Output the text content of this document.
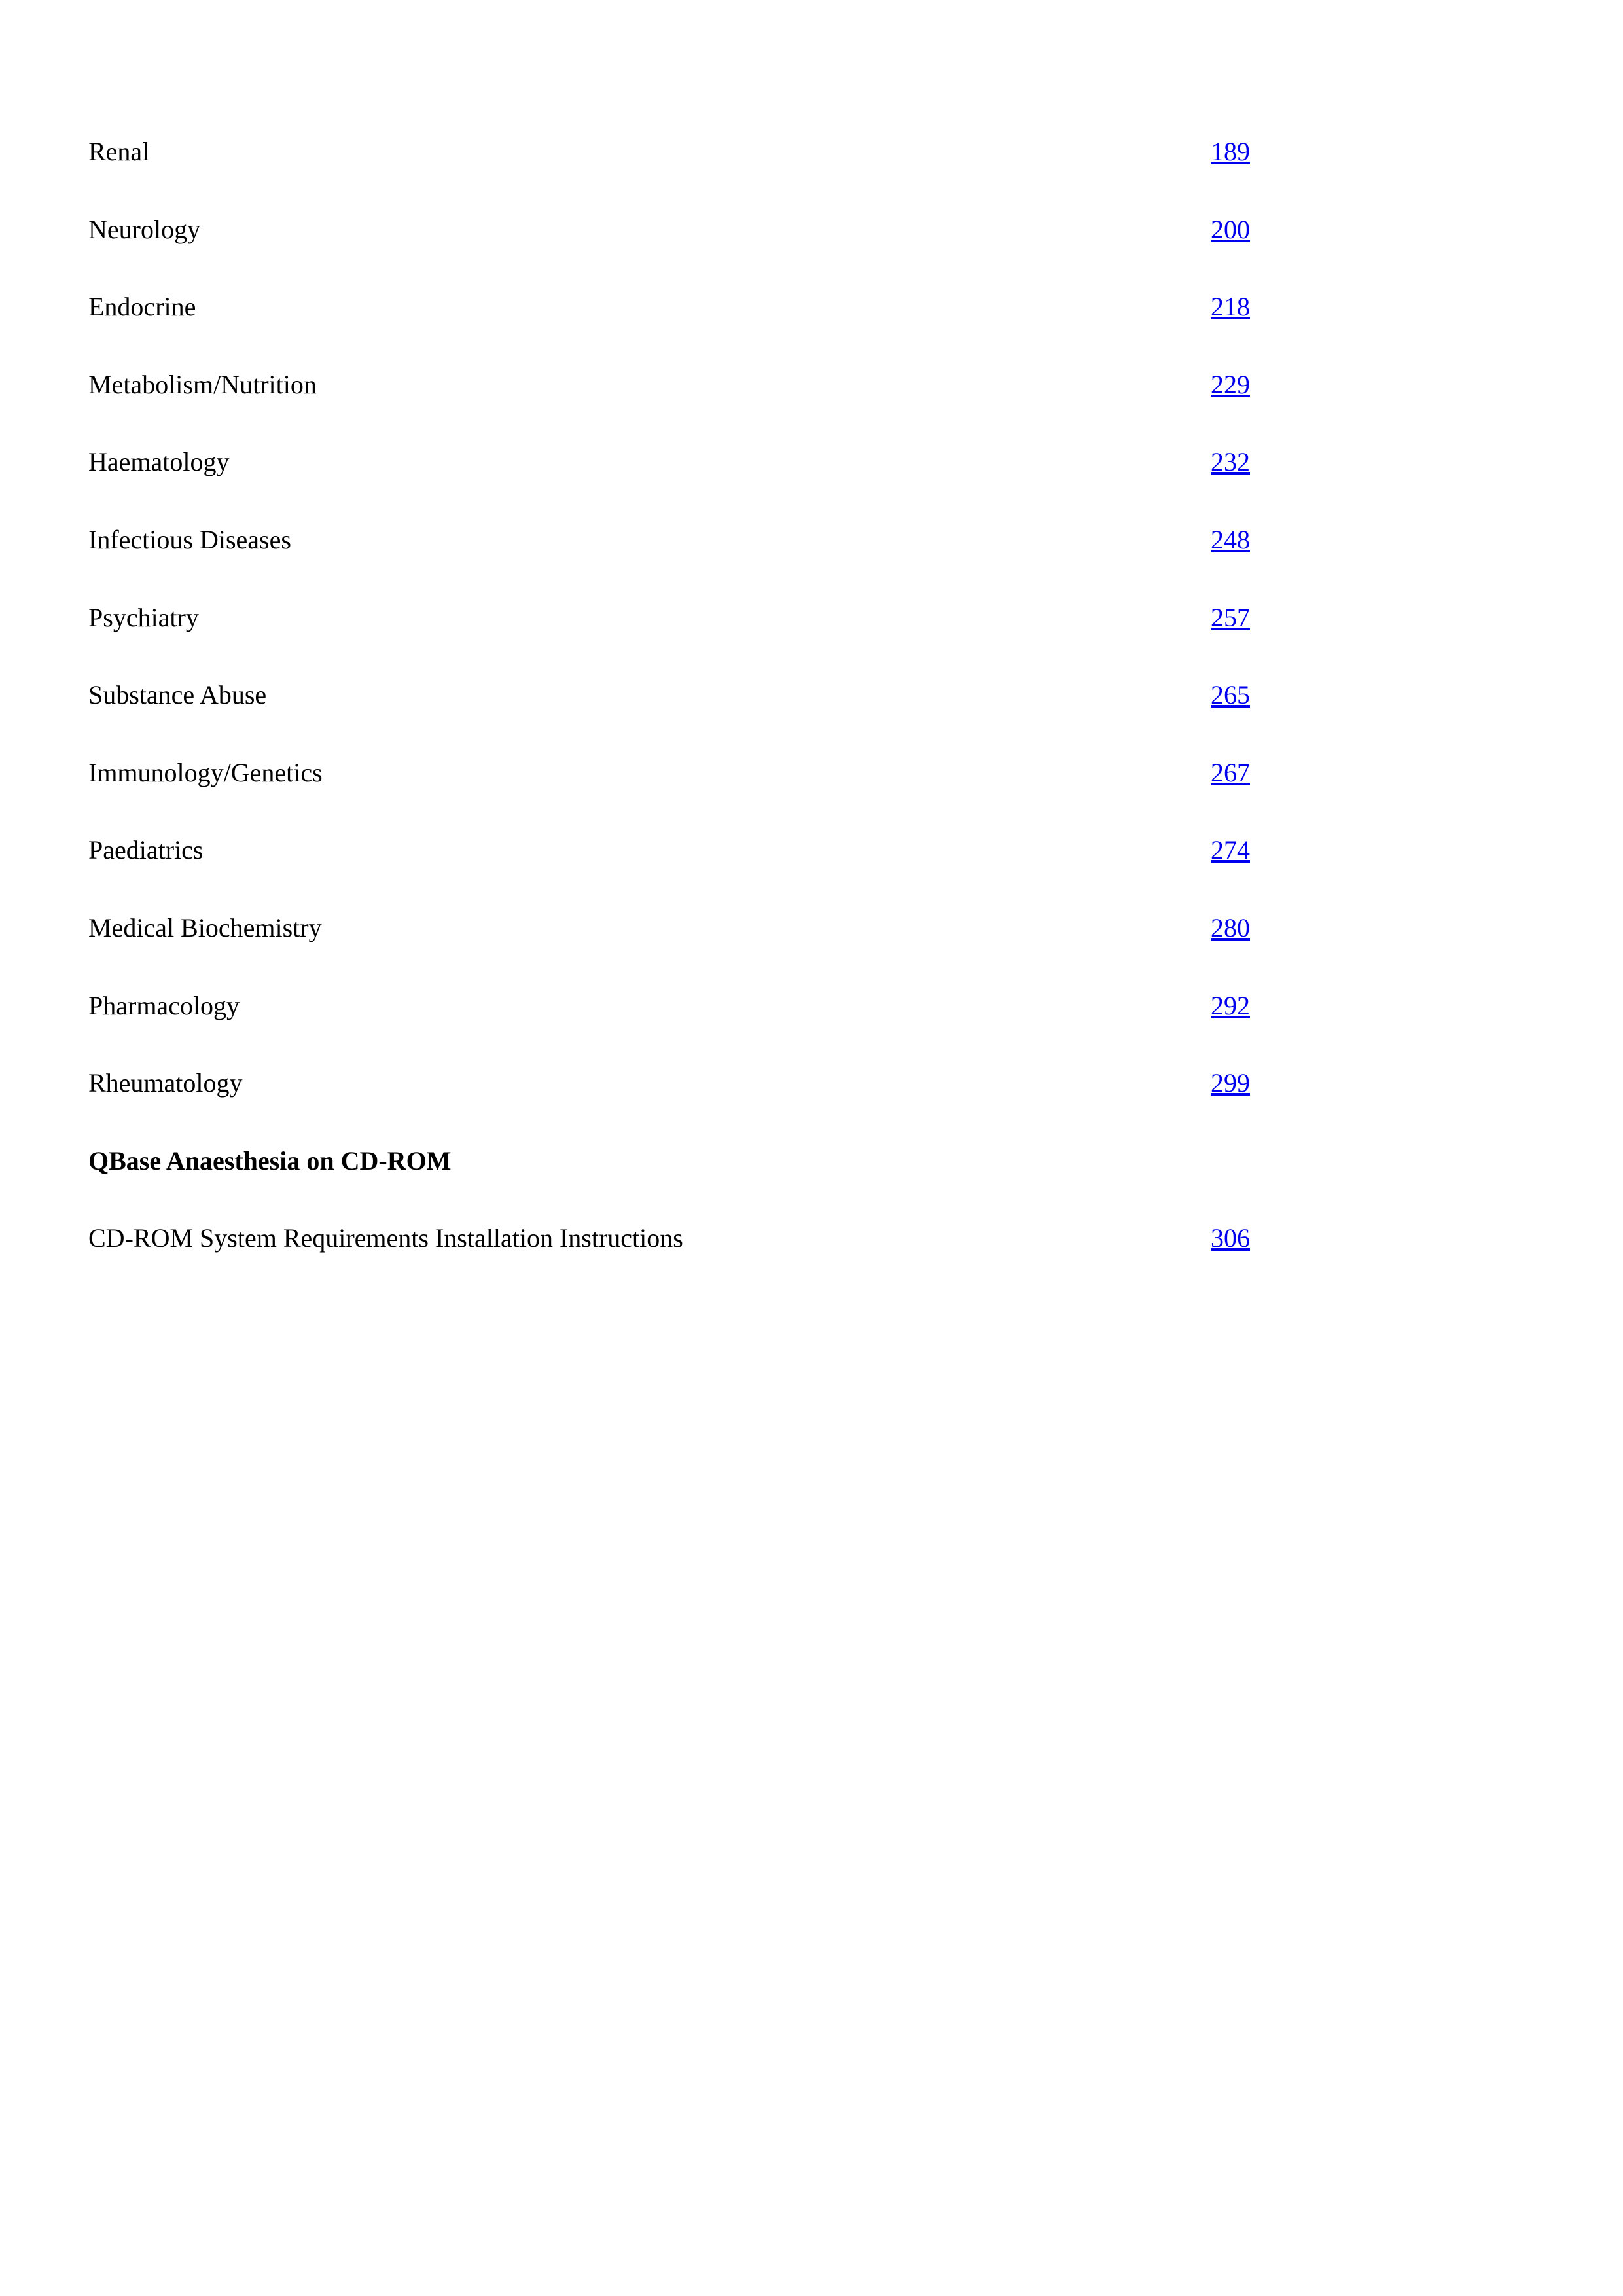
Renal	189
Neurology	200
Endocrine	218
Metabolism/Nutrition	229
Haematology	232
Infectious Diseases	248
Psychiatry	257
Substance Abuse	265
Immunology/Genetics	267
Paediatrics	274
Medical Biochemistry	280
Pharmacology	292
Rheumatology	299
QBase Anaesthesia on CD-ROM
CD-ROM System Requirements Installation Instructions	306
